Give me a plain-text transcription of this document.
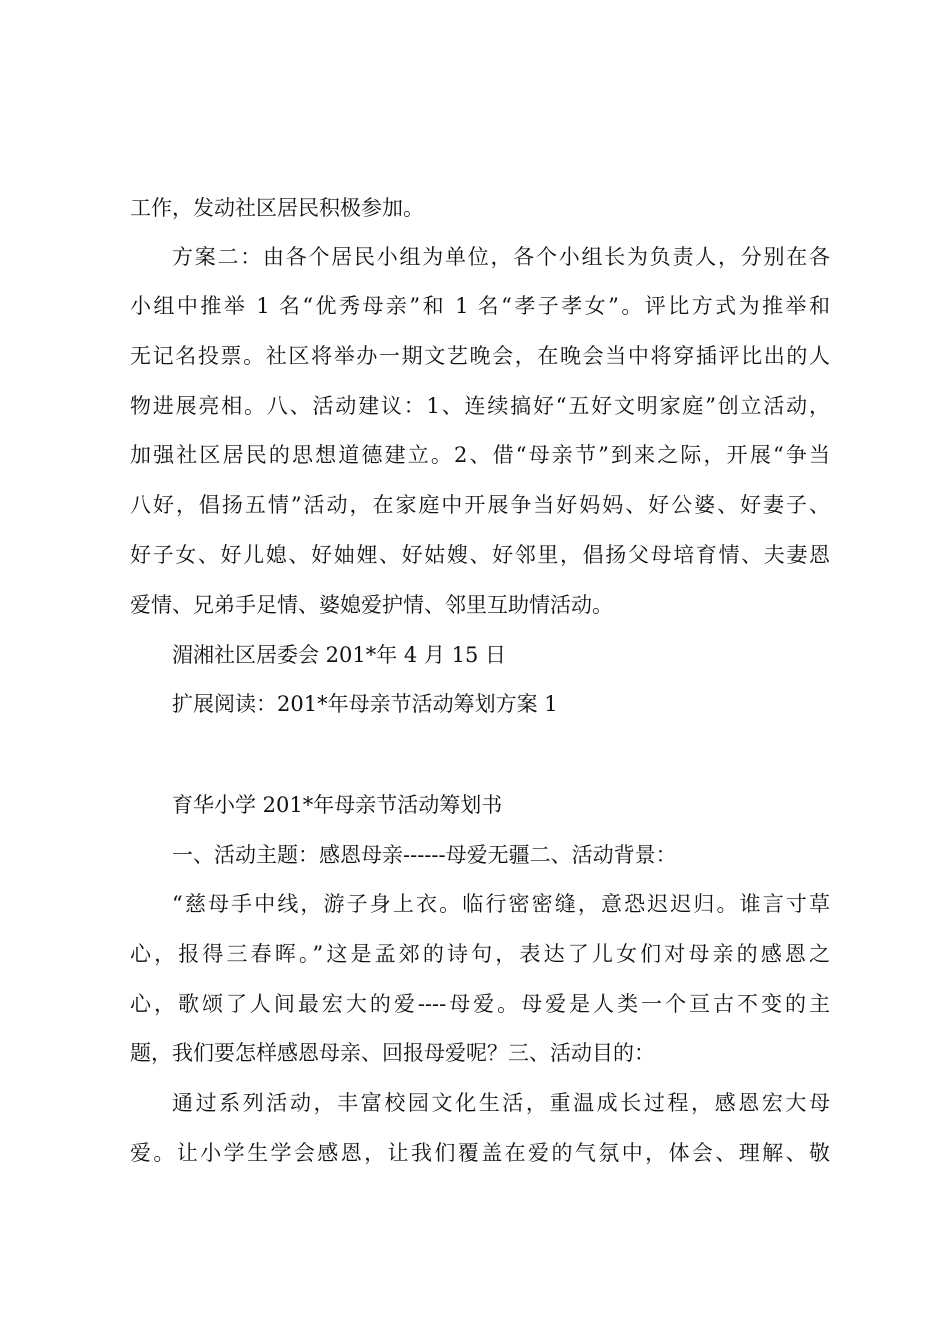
工作，发动社区居民积极参加。
方案二：由各个居民小组为单位，各个小组长为负责人，分别在各
小组中推举 1 名“优秀母亲”和 1 名“孝子孝女”。评比方式为推举和
无记名投票。社区将举办一期文艺晚会，在晚会当中将穿插评比出的人
物进展亮相。八、活动建议：1、连续搞好“五好文明家庭”创立活动，
加强社区居民的思想道德建立。2、借“母亲节”到来之际，开展“争当
八好，倡扬五情”活动，在家庭中开展争当好妈妈、好公婆、好妻子、
好子女、好儿媳、好妯娌、好姑嫂、好邻里，倡扬父母培育情、夫妻恩
爱情、兄弟手足情、婆媳爱护情、邻里互助情活动。
湄湘社区居委会 201*年 4 月 15 日
扩展阅读：201*年母亲节活动筹划方案 1
育华小学 201*年母亲节活动筹划书
一、活动主题：感恩母亲------母爱无疆二、活动背景：
“慈母手中线，游子身上衣。临行密密缝，意恐迟迟归。谁言寸草
心，报得三春晖。”这是孟郊的诗句，表达了儿女们对母亲的感恩之
心，歌颂了人间最宏大的爱----母爱。母爱是人类一个亘古不变的主
题，我们要怎样感恩母亲、回报母爱呢？三、活动目的：
通过系列活动，丰富校园文化生活，重温成长过程，感恩宏大母
爱。让小学生学会感恩，让我们覆盖在爱的气氛中，体会、理解、敬
